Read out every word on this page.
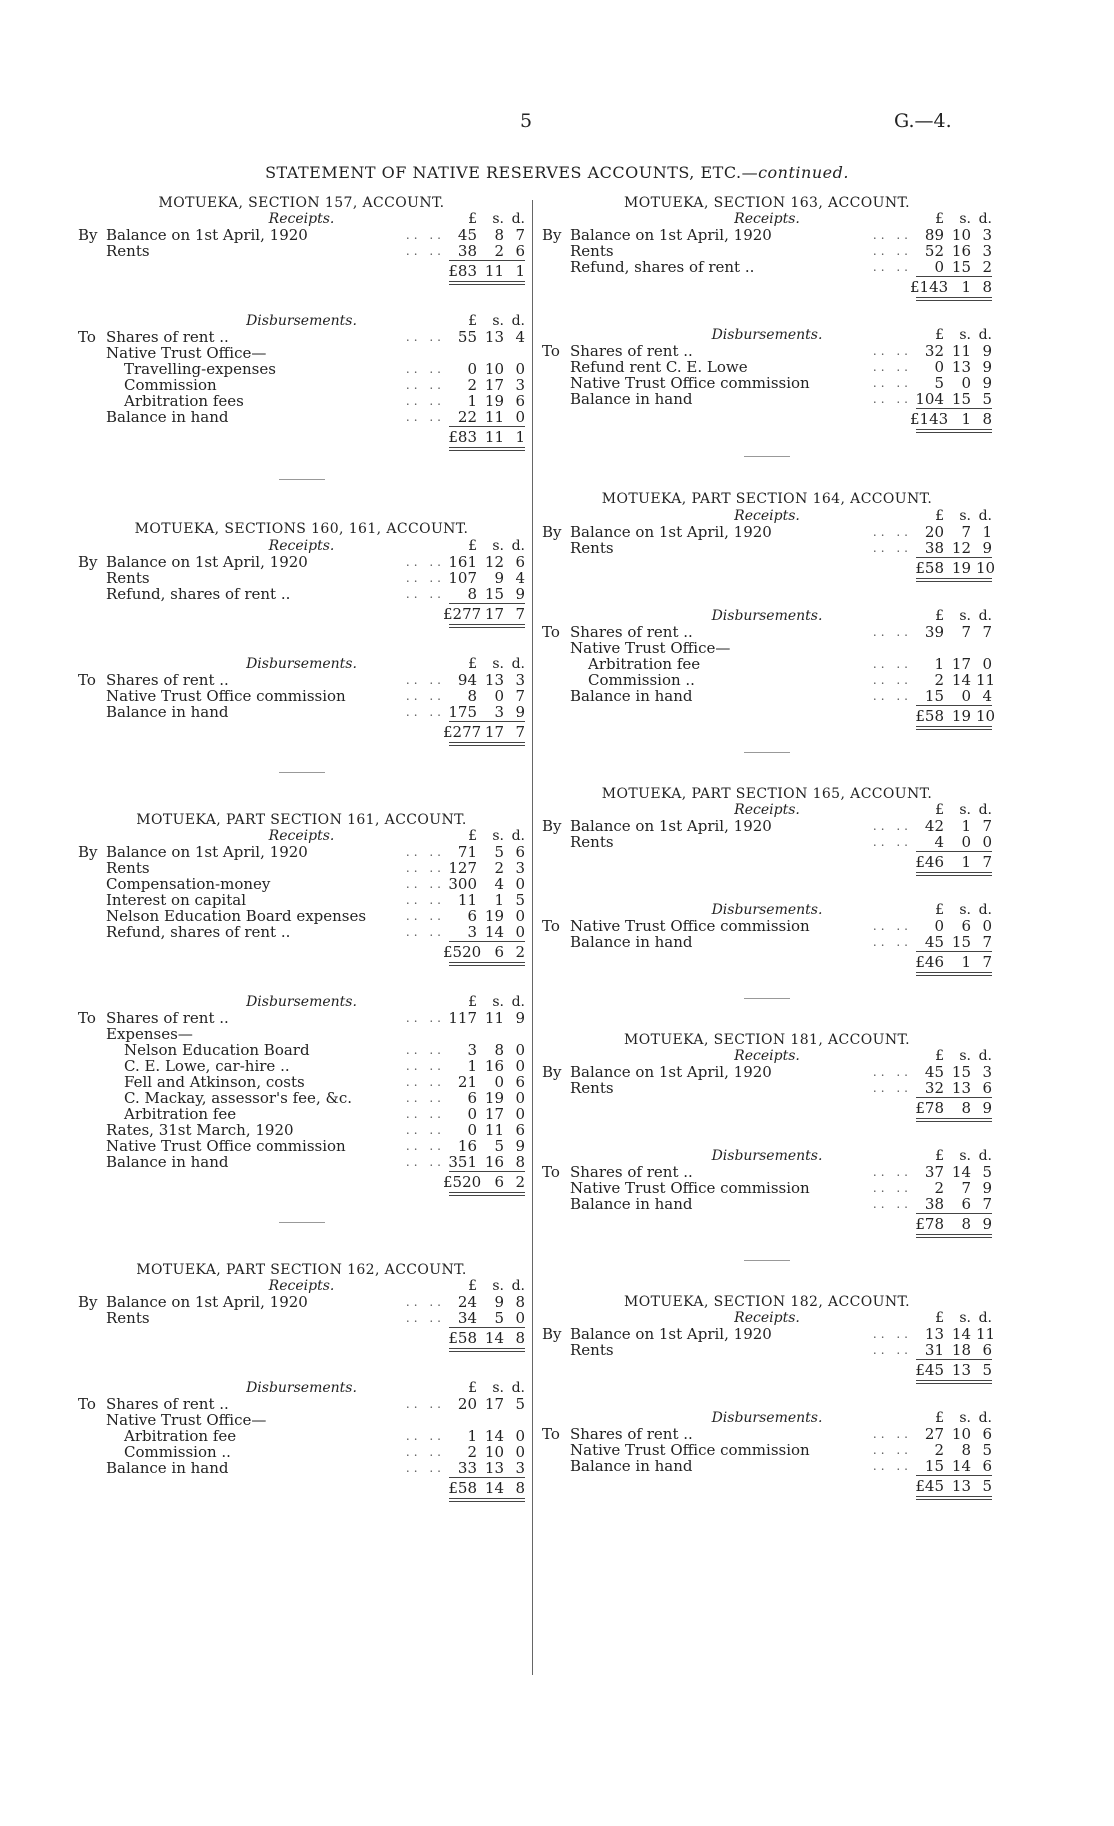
5	G.—4.
STATEMENT OF NATIVE RESERVES ACCOUNTS, ETC.—continued.
MOTUEKA, SECTION 157, ACCOUNT.
Receipts.	£	s. d.
By Balance on 1st April, 1920	.. .. 45	8 7
Rents	.. .. 38	2 6
£83 11 1
Disbursements.	£	s. d.
To Shares of rent ..	.. .. 55 13 4
Native Trust Office—
Travelling-expenses	.. ..	0 10 0
Commission	.. ..	2 17 3
Arbitration fees	.. ..	1 19 6
Balance in hand	.. .. 22 11 0
£83 11 1
MOTUEKA, SECTIONS 160, 161, ACCOUNT.
Receipts.	£	s. d.
By Balance on 1st April, 1920	.. .. 161 12 6
Rents	.. .. 107	9 4
Refund, shares of rent ..	.. ..	8 15 9
£277 17 7
Disbursements.	£	s. d.
To Shares of rent ..	.. .. 94 13 3
Native Trust Office commission	.. ..	8	0 7
Balance in hand	.. .. 175	3 9
£277 17 7
MOTUEKA, PART SECTION 161, ACCOUNT.
Receipts.	£	s. d.
By Balance on 1st April, 1920	.. .. 71	5 6
Rents	.. .. 127	2 3
Compensation-money	.. .. 300	4 0
Interest on capital	.. .. 11	1 5
Nelson Education Board expenses	.. ..	6 19 0
Refund, shares of rent ..	.. ..	3 14 0
£520 6 2
Disbursements.	£	s. d.
To Shares of rent ..	.. .. 117 11 9
Expenses—
Nelson Education Board	.. ..	3	8 0
C. E. Lowe, car-hire ..	.. ..	1 16 0
Fell and Atkinson, costs	.. .. 21	0 6
C. Mackay, assessor's fee, &c.	.. ..	6 19 0
Arbitration fee	.. ..	0 17 0
Rates, 31st March, 1920	.. ..	0 11 6
Native Trust Office commission	.. .. 16	5 9
Balance in hand	.. .. 351 16 8
£520 6 2
MOTUEKA, PART SECTION 162, ACCOUNT.
Receipts.	£	s. d.
By Balance on 1st April, 1920	.. .. 24	9 8
Rents	.. .. 34	5 0
£58 14 8
Disbursements.	£	s. d.
To Shares of rent ..	.. .. 20 17 5
Native Trust Office—
Arbitration fee	.. ..	1 14 0
Commission ..	.. ..	2 10 0
Balance in hand	.. .. 33 13 3
£58 14 8
MOTUEKA, SECTION 163, ACCOUNT.
Receipts.	£	s. d.
By Balance on 1st April, 1920	.. .. 89 10 3
Rents	.. .. 52 16 3
Refund, shares of rent ..	.. ..	0 15 2
£143 1 8
Disbursements.	£	s. d.
To Shares of rent ..	.. .. 32 11 9
Refund rent C. E. Lowe	.. ..	0 13 9
Native Trust Office commission	.. ..	5	0 9
Balance in hand	.. .. 104 15 5
£143 1 8
MOTUEKA, PART SECTION 164, ACCOUNT.
Receipts.	£	s. d.
By Balance on 1st April, 1920	.. .. 20	7 1
Rents	.. .. 38 12 9
£58 19 10
Disbursements.	£	s. d.
To Shares of rent ..	.. .. 39	7 7
Native Trust Office—
Arbitration fee	.. ..	1 17 0
Commission ..	.. ..	2 14 11
Balance in hand	.. .. 15	0 4
£58 19 10
MOTUEKA, PART SECTION 165, ACCOUNT.
Receipts.	£	s. d.
By Balance on 1st April, 1920	.. .. 42	1 7
Rents	.. ..	4	0 0
£46	1 7
Disbursements.	£	s. d.
To Native Trust Office commission	.. ..	0	6 0
Balance in hand	.. .. 45 15 7
£46	1 7
MOTUEKA, SECTION 181, ACCOUNT.
Receipts.	£	s. d.
By Balance on 1st April, 1920	.. .. 45 15 3
Rents	.. .. 32 13 6
£78	8 9
Disbursements.	£	s. d.
To Shares of rent ..	.. .. 37 14 5
Native Trust Office commission	.. ..	2	7 9
Balance in hand	.. .. 38	6 7
£78	8 9
MOTUEKA, SECTION 182, ACCOUNT.
Receipts.	£	s. d.
By Balance on 1st April, 1920	.. .. 13 14 11
Rents	.. .. 31 18 6
£45 13 5
Disbursements.	£	s. d.
To Shares of rent ..	.. .. 27 10 6
Native Trust Office commission	.. ..	2	8 5
Balance in hand	.. .. 15 14 6
£45 13 5
